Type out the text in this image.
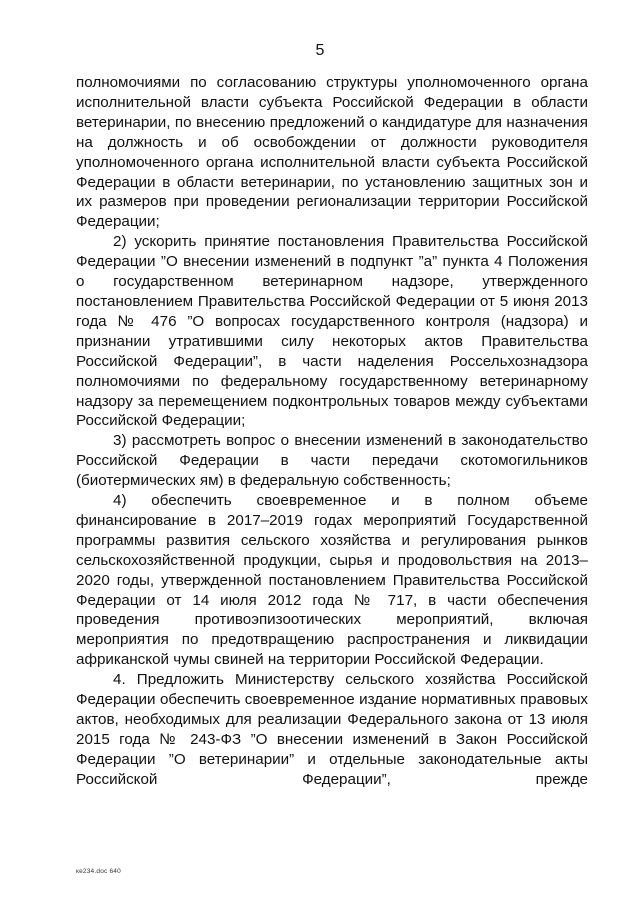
5

полномочиями по согласованию структуры уполномоченного органа исполнительной власти субъекта Российской Федерации в области ветеринарии, по внесению предложений о кандидатуре для назначения на должность и об освобождении от должности руководителя уполномоченного органа исполнительной власти субъекта Российской Федерации в области ветеринарии, по установлению защитных зон и их размеров при проведении регионализации территории Российской Федерации;

2) ускорить принятие постановления Правительства Российской Федерации ”О внесении изменений в подпункт ”а” пункта 4 Положения о государственном ветеринарном надзоре, утвержденного постановлением Правительства Российской Федерации от 5 июня 2013 года № 476 ”О вопросах государственного контроля (надзора) и признании утратившими силу некоторых актов Правительства Российской Федерации”, в части наделения Россельхознадзора полномочиями по федеральному государственному ветеринарному надзору за перемещением подконтрольных товаров между субъектами Российской Федерации;

3) рассмотреть вопрос о внесении изменений в законодательство Российской Федерации в части передачи скотомогильников (биотермических ям) в федеральную собственность;

4) обеспечить своевременное и в полном объеме финансирование в 2017–2019 годах мероприятий Государственной программы развития сельского хозяйства и регулирования рынков сельскохозяйственной продукции, сырья и продовольствия на 2013–2020 годы, утвержденной постановлением Правительства Российской Федерации от 14 июля 2012 года № 717, в части обеспечения проведения противоэпизоотических мероприятий, включая мероприятия по предотвращению распространения и ликвидации африканской чумы свиней на территории Российской Федерации.

4. Предложить Министерству сельского хозяйства Российской Федерации обеспечить своевременное издание нормативных правовых актов, необходимых для реализации Федерального закона от 13 июля 2015 года № 243-ФЗ ”О внесении изменений в Закон Российской Федерации ”О ветеринарии” и отдельные законодательные акты Российской Федерации”, прежде

ке234.doc 640
